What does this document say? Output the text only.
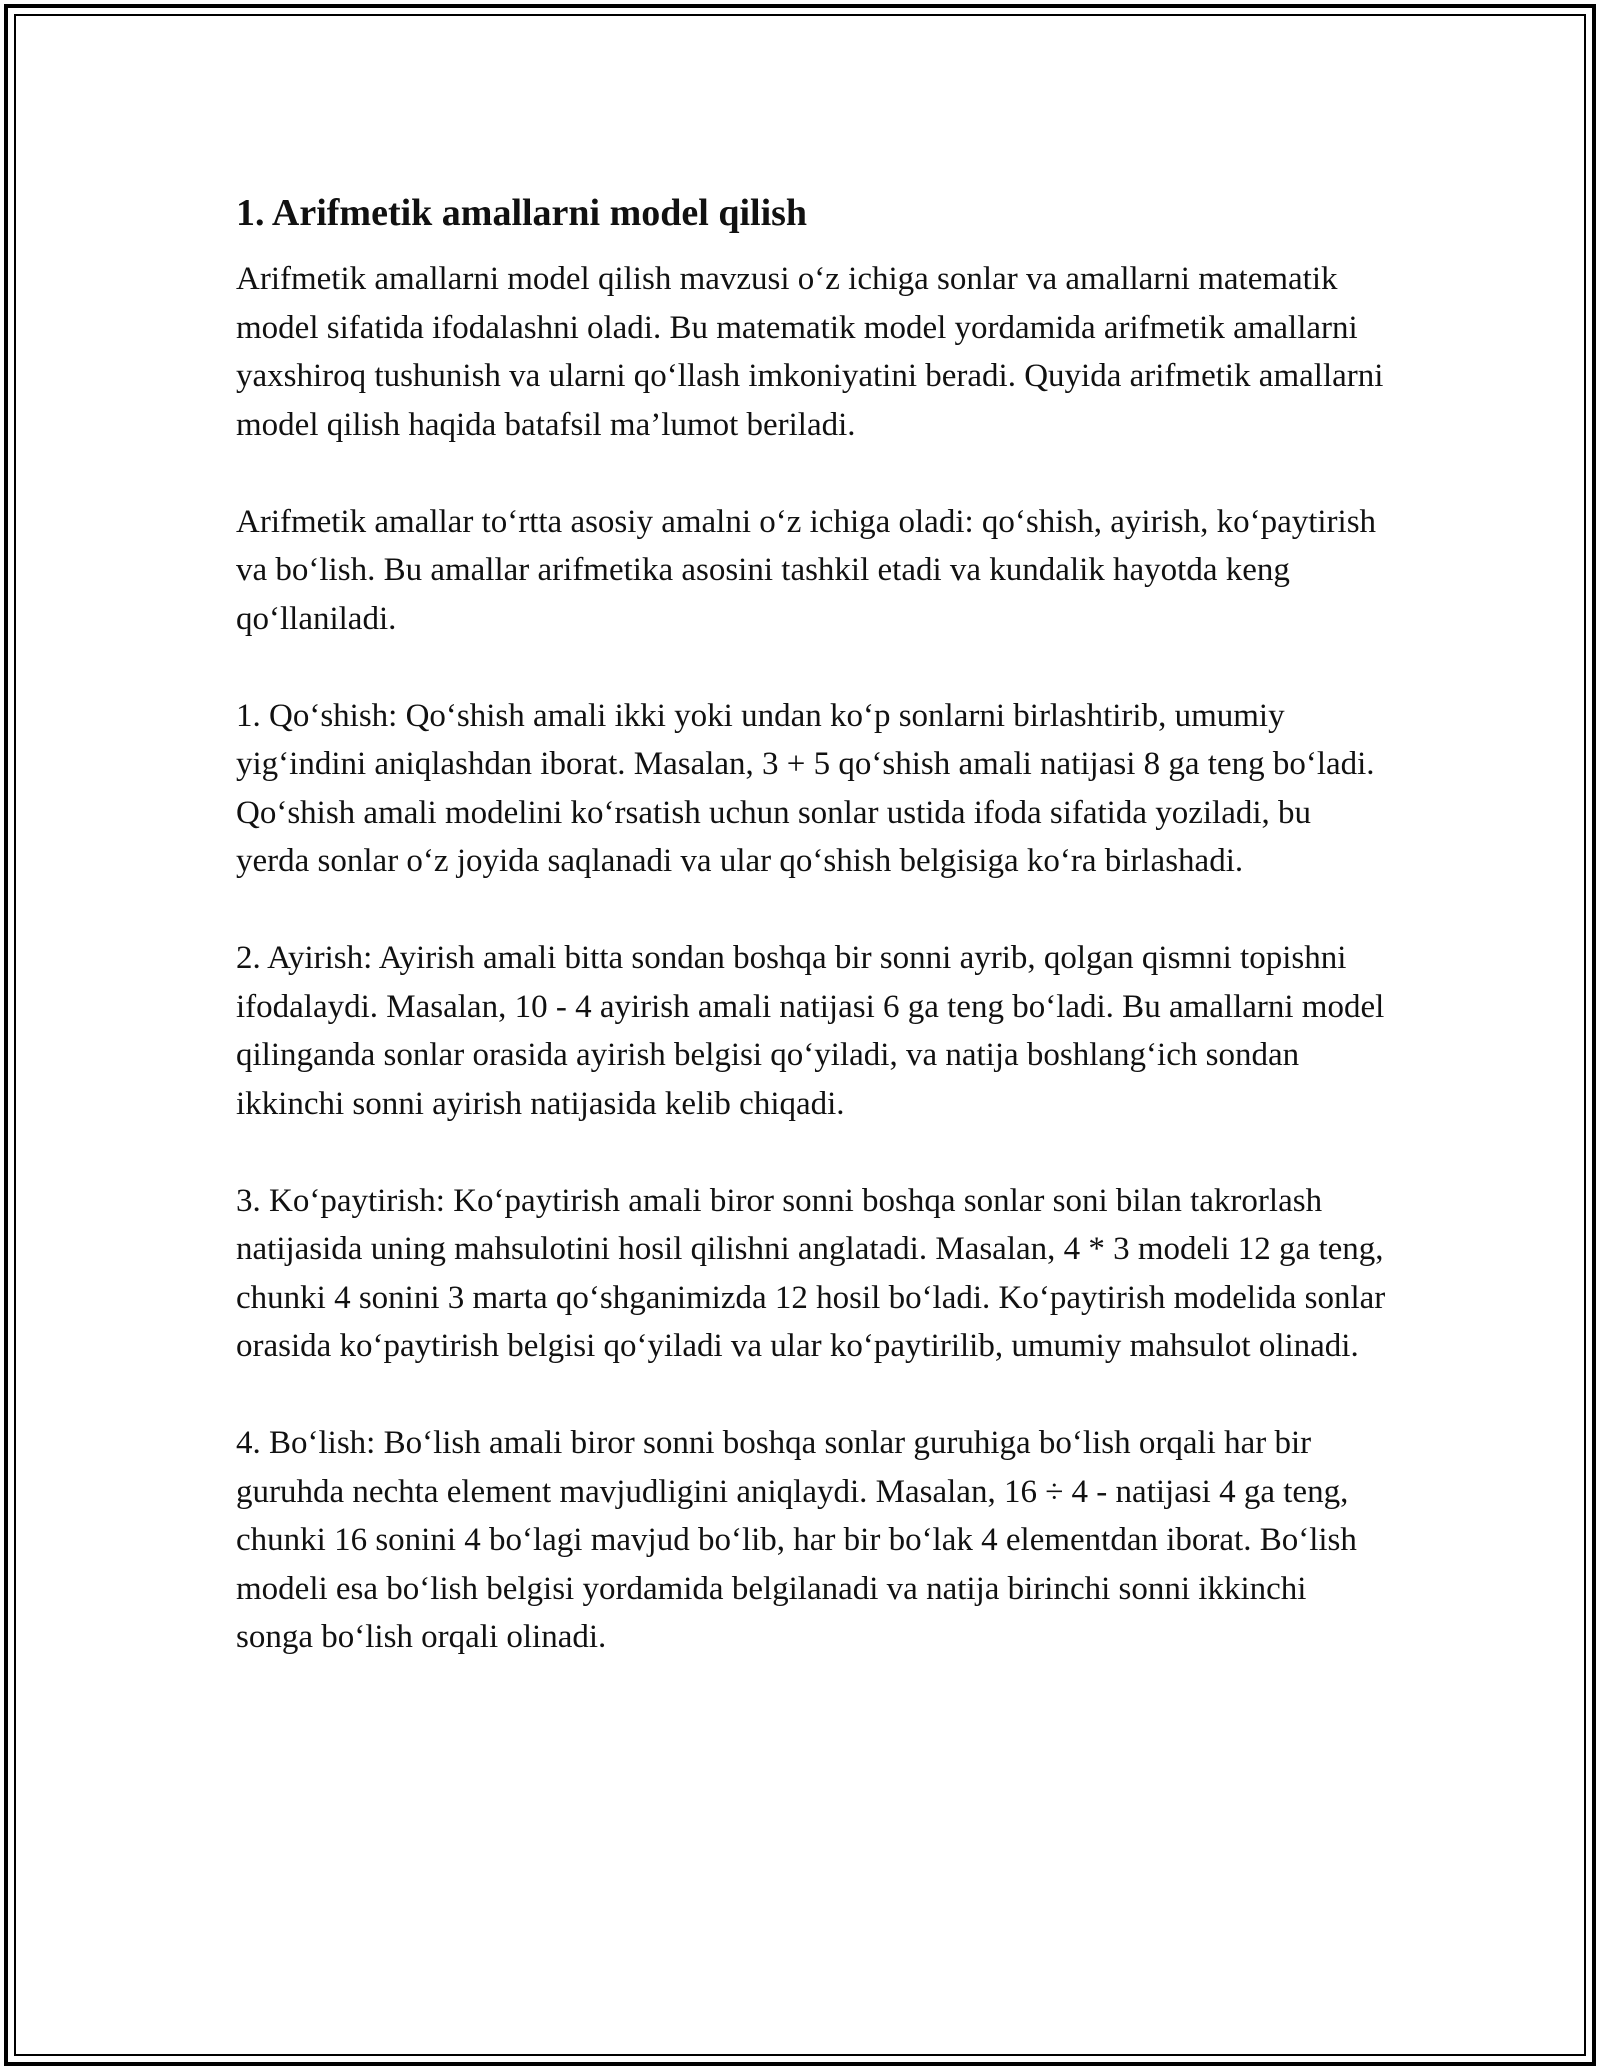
1. Arifmetik amallarni model qilish

Arifmetik amallarni model qilish mavzusi o‘z ichiga sonlar va amallarni matematik model sifatida ifodalashni oladi. Bu matematik model yordamida arifmetik amallarni yaxshiroq tushunish va ularni qo‘llash imkoniyatini beradi. Quyida arifmetik amallarni model qilish haqida batafsil ma’lumot beriladi.

Arifmetik amallar to‘rtta asosiy amalni o‘z ichiga oladi: qo‘shish, ayirish, ko‘paytirish va bo‘lish. Bu amallar arifmetika asosini tashkil etadi va kundalik hayotda keng qo‘llaniladi.

1. Qo‘shish: Qo‘shish amali ikki yoki undan ko‘p sonlarni birlashtirib, umumiy yig‘indini aniqlashdan iborat. Masalan, 3 + 5 qo‘shish amali natijasi 8 ga teng bo‘ladi. Qo‘shish amali modelini ko‘rsatish uchun sonlar ustida ifoda sifatida yoziladi, bu yerda sonlar o‘z joyida saqlanadi va ular qo‘shish belgisiga ko‘ra birlashadi.

2. Ayirish: Ayirish amali bitta sondan boshqa bir sonni ayrib, qolgan qismni topishni ifodalaydi. Masalan, 10 - 4 ayirish amali natijasi 6 ga teng bo‘ladi. Bu amallarni model qilinganda sonlar orasida ayirish belgisi qo‘yiladi, va natija boshlang‘ich sondan ikkinchi sonni ayirish natijasida kelib chiqadi.

3. Ko‘paytirish: Ko‘paytirish amali biror sonni boshqa sonlar soni bilan takrorlash natijasida uning mahsulotini hosil qilishni anglatadi. Masalan, 4 * 3 modeli 12 ga teng, chunki 4 sonini 3 marta qo‘shganimizda 12 hosil bo‘ladi. Ko‘paytirish modelida sonlar orasida ko‘paytirish belgisi qo‘yiladi va ular ko‘paytirilib, umumiy mahsulot olinadi.

4. Bo‘lish: Bo‘lish amali biror sonni boshqa sonlar guruhiga bo‘lish orqali har bir guruhda nechta element mavjudligini aniqlaydi. Masalan, 16 ÷ 4 - natijasi 4 ga teng, chunki 16 sonini 4 bo‘lagi mavjud bo‘lib, har bir bo‘lak 4 elementdan iborat. Bo‘lish modeli esa bo‘lish belgisi yordamida belgilanadi va natija birinchi sonni ikkinchi songa bo‘lish orqali olinadi.
